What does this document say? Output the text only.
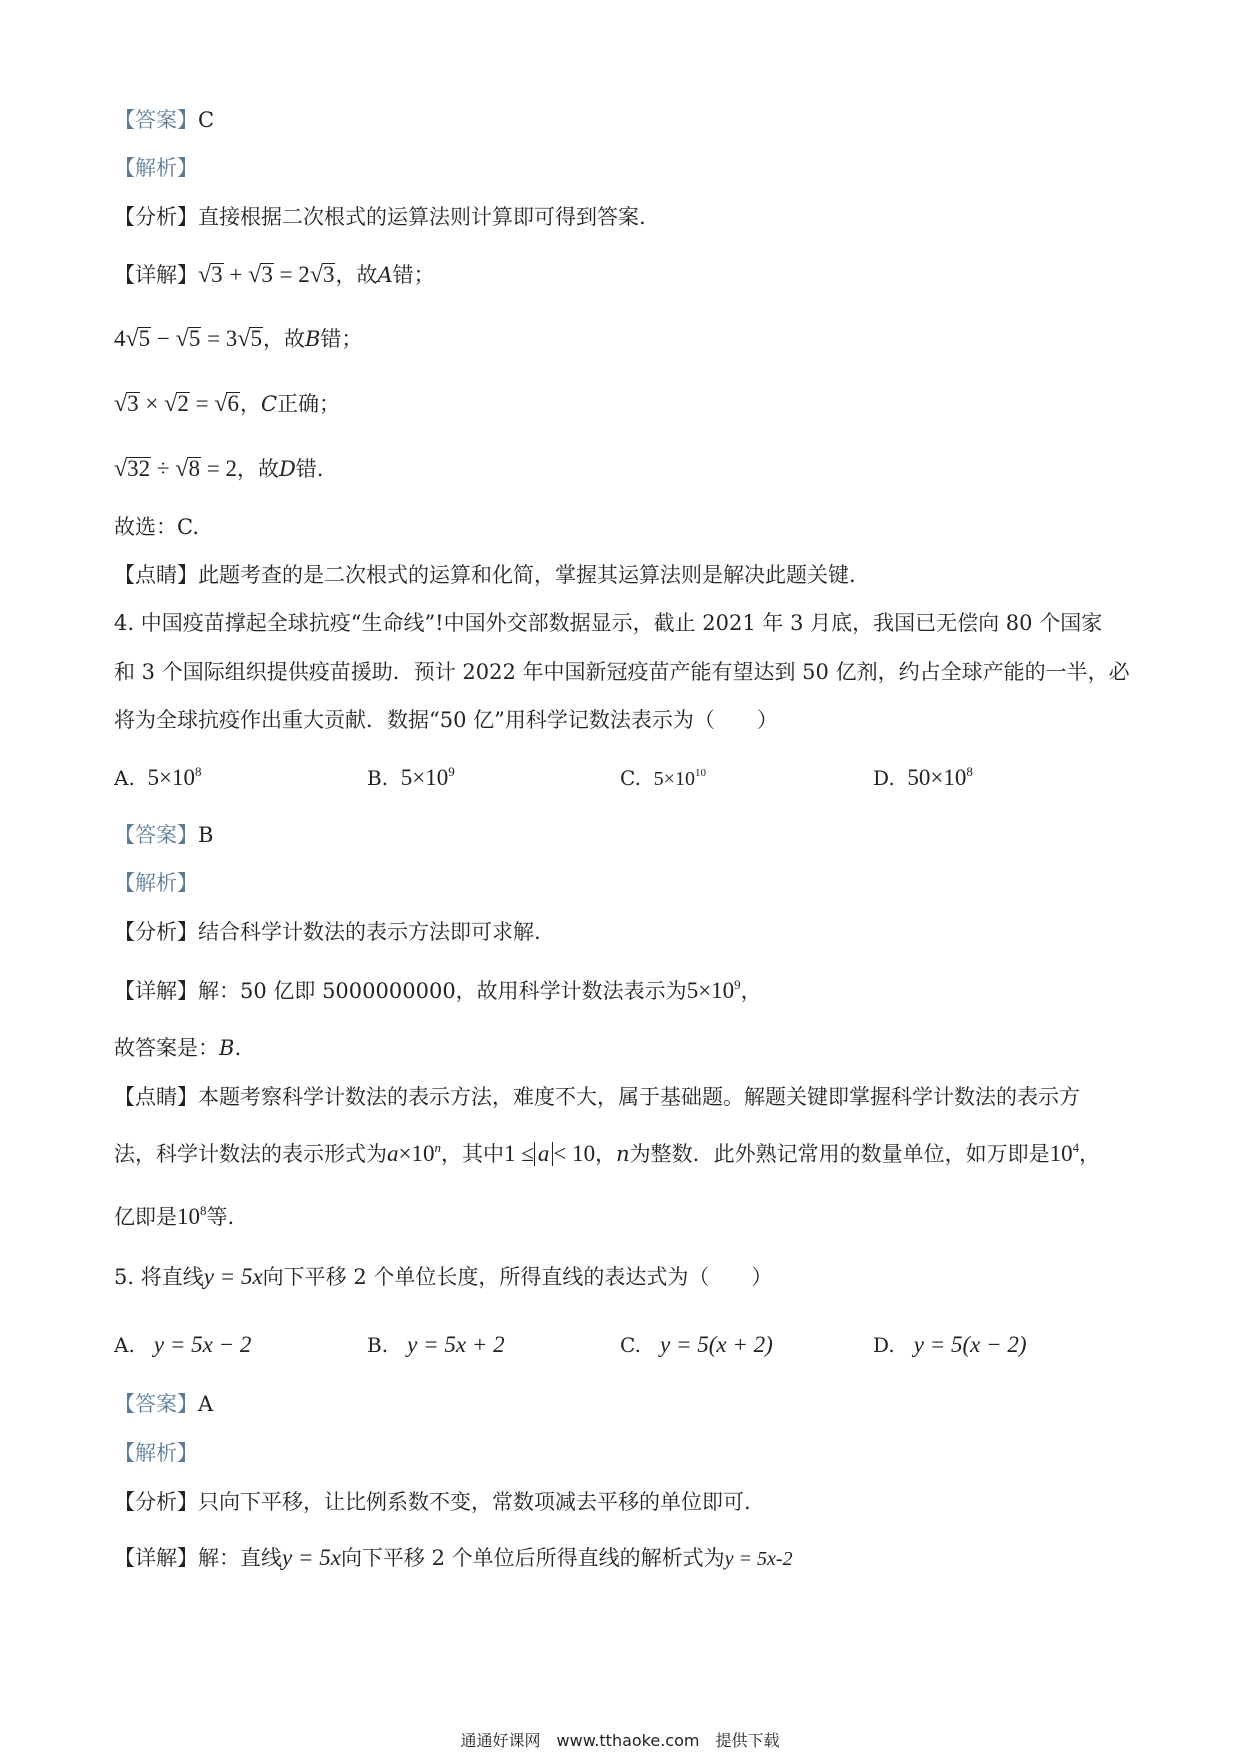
【答案】C
【解析】
【分析】直接根据二次根式的运算法则计算即可得到答案.
【详解】√3 + √3 = 2√3，故A错；
4√5 − √5 = 3√5，故B错；
√3 × √2 = √6，C正确；
√32 ÷ √8 = 2，故D错.
故选：C.
【点睛】此题考查的是二次根式的运算和化简，掌握其运算法则是解决此题关键.
4. 中国疫苗撑起全球抗疫“生命线”!中国外交部数据显示，截止 2021 年 3 月底，我国已无偿向 80 个国家
和 3 个国际组织提供疫苗援助．预计 2022 年中国新冠疫苗产能有望达到 50 亿剂，约占全球产能的一半，必
将为全球抗疫作出重大贡献．数据“50 亿”用科学记数法表示为（　　）
A. $5\times 10^8$	B. $5\times 10^9$	C. $5\times 10^{10}$	D. $50\times 10^8$
【答案】B
【解析】
【分析】结合科学计数法的表示方法即可求解.
【详解】解：50 亿即 5000000000，故用科学计数法表示为$5\times 10^9$，
故答案是：B.
【点睛】本题考察科学计数法的表示方法，难度不大，属于基础题。解题关键即掌握科学计数法的表示方
法，科学计数法的表示形式为$a\times 10^n$，其中1 ≤ a < 10，n为整数．此外熟记常用的数量单位，如万即是$10^4$，
亿即是$10^8$等.
5. 将直线y = 5x向下平移 2 个单位长度，所得直线的表达式为（　　）
A. y = 5x − 2	B. y = 5x + 2	C. y = 5(x + 2)	D. y = 5(x − 2)
【答案】A
【解析】
【分析】只向下平移，让比例系数不变，常数项减去平移的单位即可.
【详解】解：直线y = 5x向下平移 2 个单位后所得直线的解析式为y = 5x-2
通通好课网　www.tthaoke.com　提供下载
